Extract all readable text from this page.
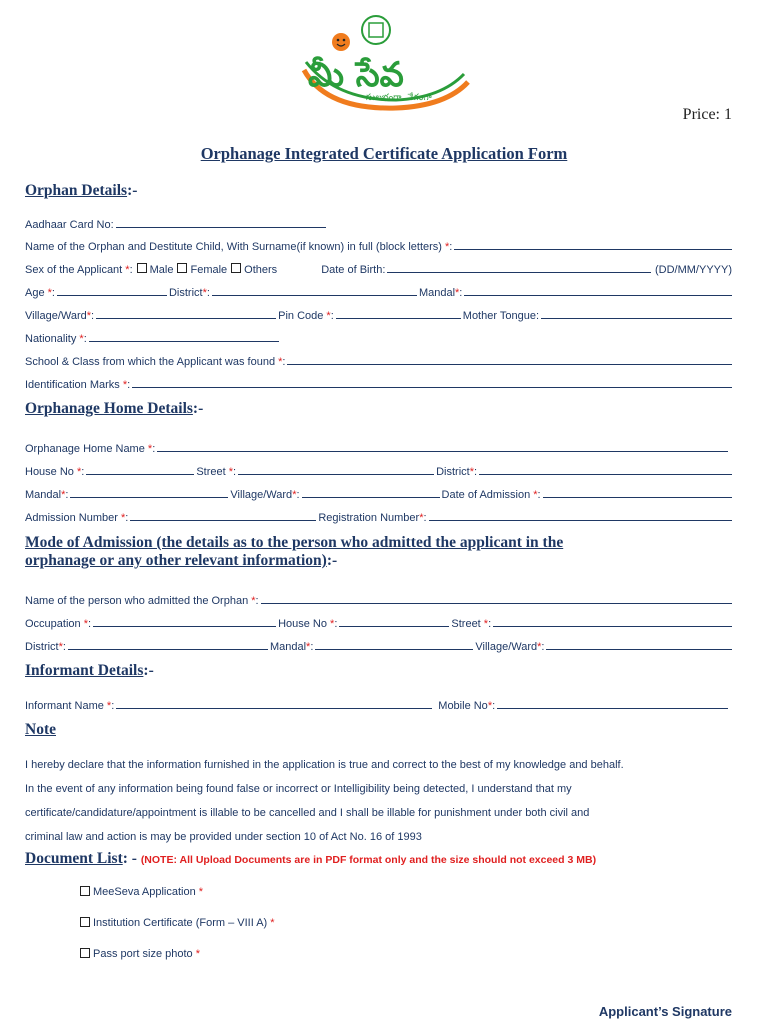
మీ సేవ
సులభంగా, వేగంగా
Price: 1
Orphanage Integrated Certificate Application Form
Orphan Details:-
Aadhaar Card No:
Name of the Orphan and Destitute Child, With Surname(if known) in full (block letters) * :
Sex of the Applicant * : Male Female Others	Date of Birth:	(DD/MM/YYYY)
Age * :	District * :	Mandal * :
Village/Ward * :	Pin Code * :	Mother Tongue:
Nationality * :
School & Class from which the Applicant was found * :
Identification Marks * :
Orphanage Home Details:-
Orphanage Home Name * :
House No * :	Street * :	District * :
Mandal * :	Village/Ward * :	Date of Admission * :
Admission Number * :	Registration Number * :
Mode of Admission (the details as to the person who admitted the applicant in the
orphanage or any other relevant information):-
Name of the person who admitted the Orphan * :
Occupation * :	House No * :	Street * :
District * :	Mandal * :	Village/Ward * :
Informant Details:-
Informant Name * :	Mobile No * :
Note
I hereby declare that the information furnished in the application is true and correct to the best of my knowledge and behalf.
In the event of any information being found false or incorrect or Intelligibility being detected, I understand that my
certificate/candidature/appointment is illable to be cancelled and I shall be illable for punishment under both civil and
criminal law and action is may be provided under section 10 of Act No. 16 of 1993
Document List: - (NOTE: All Upload Documents are in PDF format only and the size should not exceed 3 MB)
MeeSeva Application *
Institution Certificate (Form – VIII A) *
Pass port size photo *
Applicant’s Signature
